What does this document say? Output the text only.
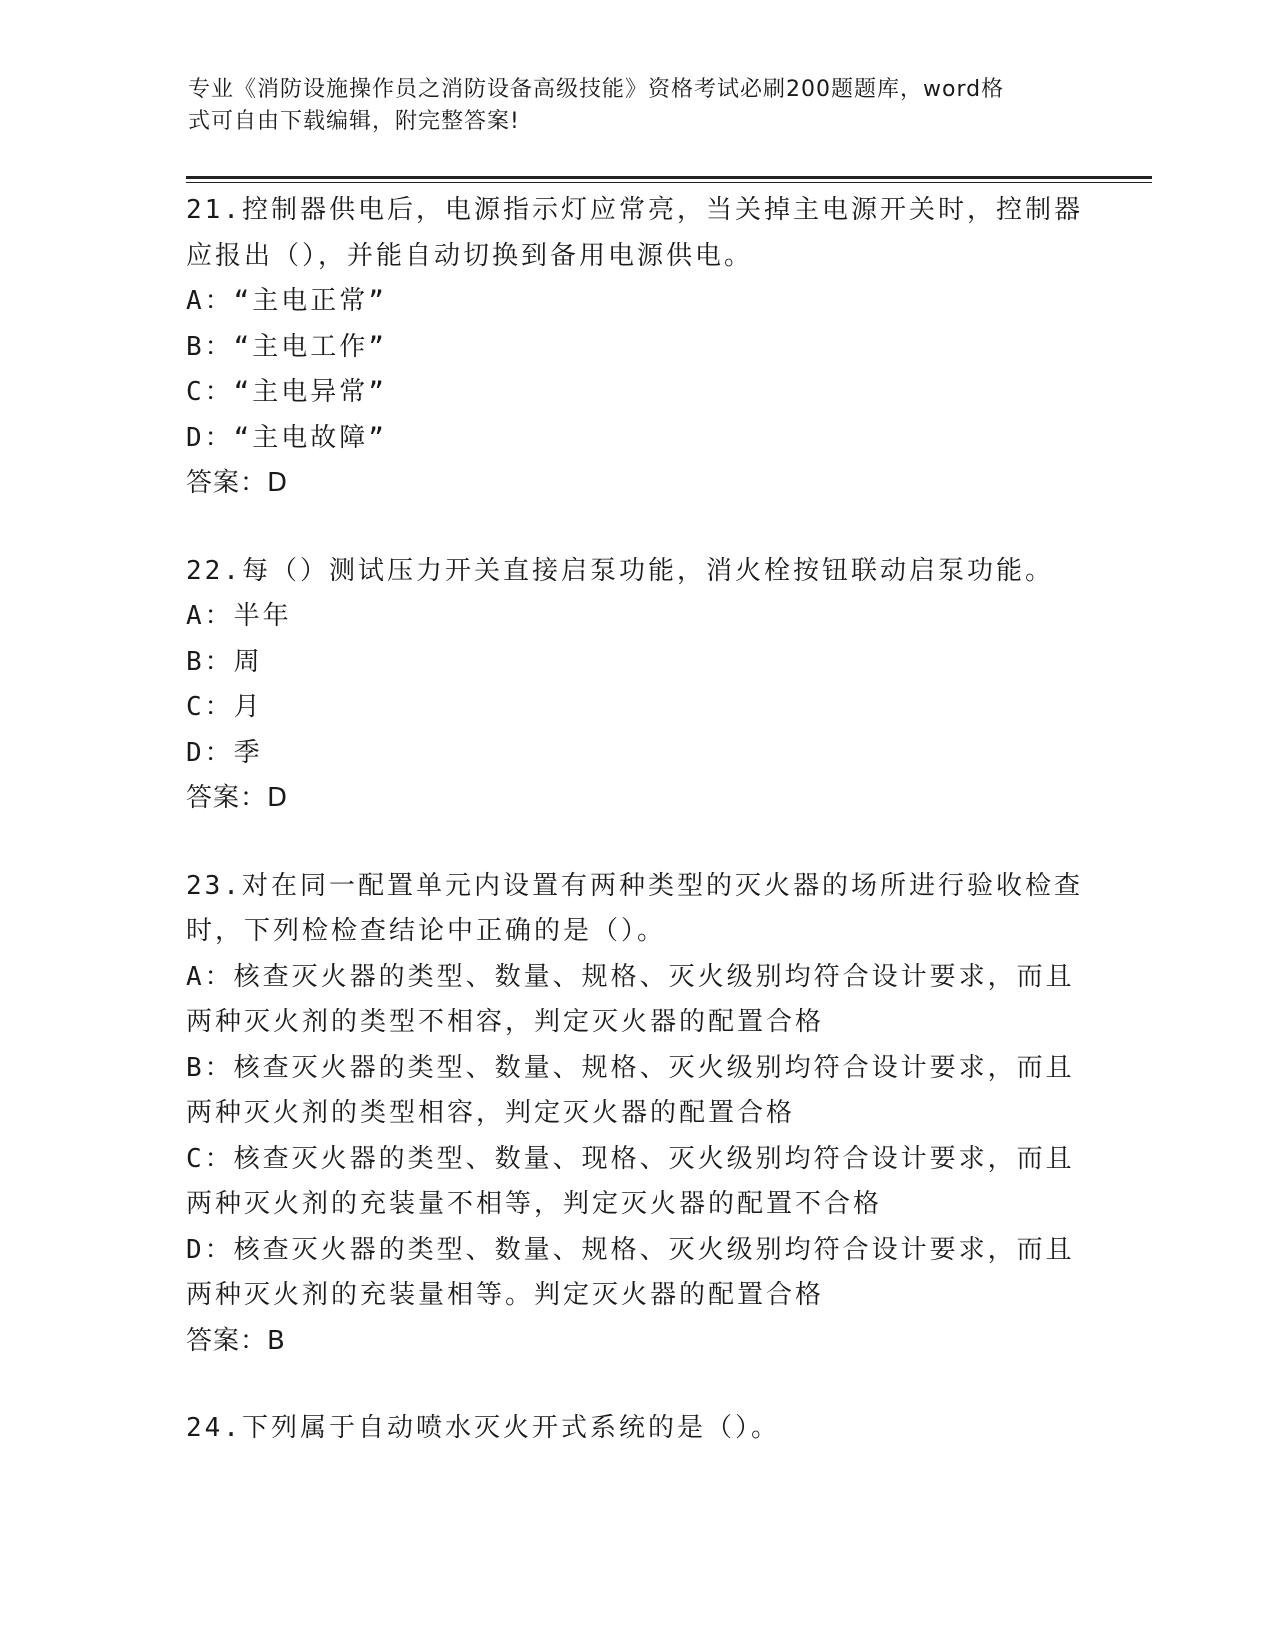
专业《消防设施操作员之消防设备高级技能》资格考试必刷200题题库，word格
式可自由下载编辑，附完整答案!
21.控制器供电后，电源指示灯应常亮，当关掉主电源开关时，控制器
应报出（），并能自动切换到备用电源供电。
A：“主电正常”
B：“主电工作”
C：“主电异常”
D：“主电故障”
答案：D
22.每（）测试压力开关直接启泵功能，消火栓按钮联动启泵功能。
A：半年
B：周
C：月
D：季
答案：D
23.对在同一配置单元内设置有两种类型的灭火器的场所进行验收检查
时，下列检检查结论中正确的是（）。
A：核查灭火器的类型、数量、规格、灭火级别均符合设计要求，而且
两种灭火剂的类型不相容，判定灭火器的配置合格
B：核查灭火器的类型、数量、规格、灭火级别均符合设计要求，而且
两种灭火剂的类型相容，判定灭火器的配置合格
C：核查灭火器的类型、数量、现格、灭火级别均符合设计要求，而且
两种灭火剂的充装量不相等，判定灭火器的配置不合格
D：核查灭火器的类型、数量、规格、灭火级别均符合设计要求，而且
两种灭火剂的充装量相等。判定灭火器的配置合格
答案：B
24.下列属于自动喷水灭火开式系统的是（）。
